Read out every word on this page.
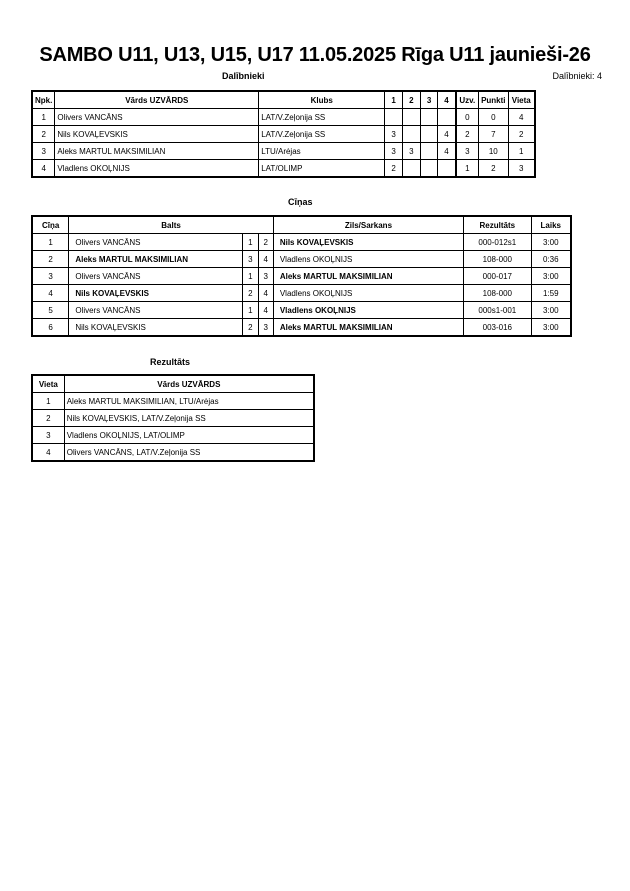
SAMBO U11, U13, U15, U17 11.05.2025 Rīga U11 jaunieši-26
Dalībnieki	Dalībnieki: 4
Npk.	Vārds UZVĀRDS	Klubs	1	2	3	4	Uzv.	Punkti	Vieta
1	Olivers VANCĀNS	LAT/V.Zeļonija SS					0	0	4
2	Nils KOVAĻEVSKIS	LAT/V.Zeļonija SS	3			4	2	7	2
3	Aleks MARTUL MAKSIMILIAN	LTU/Arėjas	3	3		4	3	10	1
4	Vladlens OKOĻNIJS	LAT/OLIMP	2				1	2	3
Cīņas
Cīņa	Balts			Zils/Sarkans	Rezultāts	Laiks
1	Olivers VANCĀNS	1	2	Nils KOVAĻEVSKIS	000-012s1	3:00
2	Aleks MARTUL MAKSIMILIAN	3	4	Vladlens OKOĻNIJS	108-000	0:36
3	Olivers VANCĀNS	1	3	Aleks MARTUL MAKSIMILIAN	000-017	3:00
4	Nils KOVAĻEVSKIS	2	4	Vladlens OKOĻNIJS	108-000	1:59
5	Olivers VANCĀNS	1	4	Vladlens OKOĻNIJS	000s1-001	3:00
6	Nils KOVAĻEVSKIS	2	3	Aleks MARTUL MAKSIMILIAN	003-016	3:00
Rezultāts
Vieta	Vārds UZVĀRDS
1	Aleks MARTUL MAKSIMILIAN, LTU/Arėjas
2	Nils KOVAĻEVSKIS, LAT/V.Zeļonija SS
3	Vladlens OKOĻNIJS, LAT/OLIMP
4	Olivers VANCĀNS, LAT/V.Zeļonija SS
